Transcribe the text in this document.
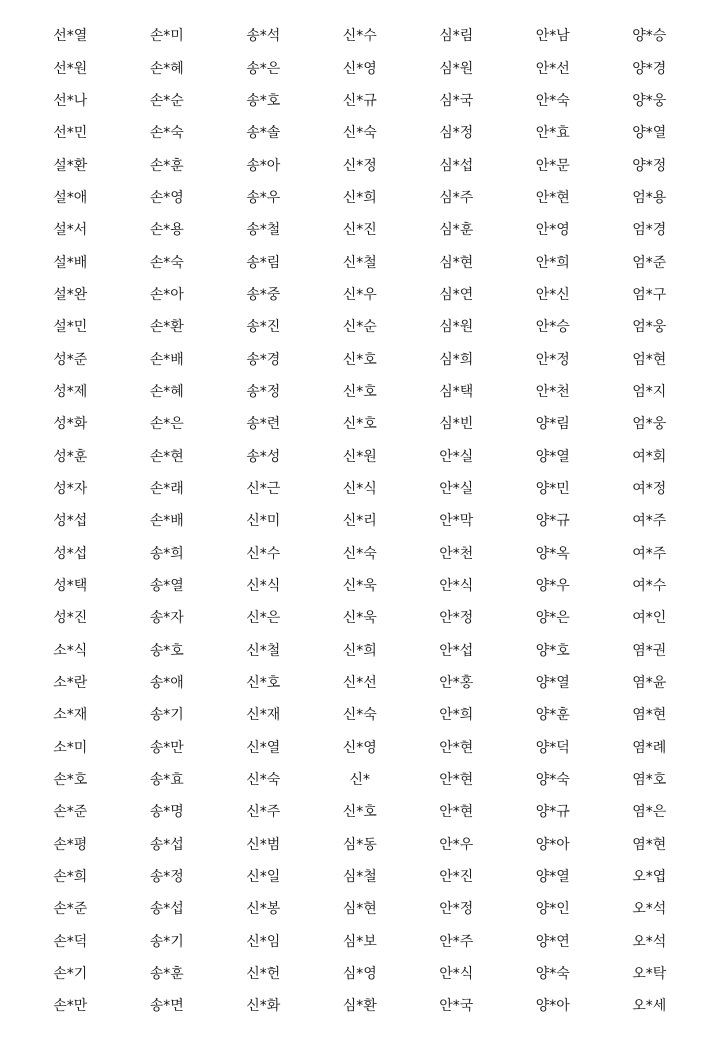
선*열	손*미	송*석	신*수	심*림	안*남	양*승
선*원	손*혜	송*은	신*영	심*원	안*선	양*경
선*나	손*순	송*호	신*규	심*국	안*숙	양*웅
선*민	손*숙	송*솔	신*숙	심*정	안*효	양*열
설*환	손*훈	송*아	신*정	심*섭	안*문	양*정
설*애	손*영	송*우	신*희	심*주	안*현	엄*용
설*서	손*용	송*철	신*진	심*훈	안*영	엄*경
설*배	손*숙	송*림	신*철	심*현	안*희	엄*준
설*완	손*아	송*중	신*우	심*연	안*신	엄*구
설*민	손*환	송*진	신*순	심*원	안*승	엄*웅
성*준	손*배	송*경	신*호	심*희	안*정	엄*현
성*제	손*혜	송*정	신*호	심*택	안*천	엄*지
성*화	손*은	송*련	신*호	심*빈	양*림	엄*웅
성*훈	손*현	송*성	신*원	안*실	양*열	여*회
성*자	손*래	신*근	신*식	안*실	양*민	여*정
성*섭	손*배	신*미	신*리	안*막	양*규	여*주
성*섭	송*희	신*수	신*숙	안*천	양*옥	여*주
성*택	송*열	신*식	신*욱	안*식	양*우	여*수
성*진	송*자	신*은	신*욱	안*정	양*은	여*인
소*식	송*호	신*철	신*희	안*섭	양*호	염*권
소*란	송*애	신*호	신*선	안*홍	양*열	염*윤
소*재	송*기	신*재	신*숙	안*희	양*훈	염*현
소*미	송*만	신*열	신*영	안*현	양*덕	염*례
손*호	송*효	신*숙	신*	안*현	양*숙	염*호
손*준	송*명	신*주	신*호	안*현	양*규	염*은
손*평	송*섭	신*범	심*동	안*우	양*아	염*현
손*희	송*정	신*일	심*철	안*진	양*열	오*엽
손*준	송*섭	신*봉	심*현	안*정	양*인	오*석
손*덕	송*기	신*임	심*보	안*주	양*연	오*석
손*기	송*훈	신*헌	심*영	안*식	양*숙	오*탁
손*만	송*면	신*화	심*환	안*국	양*아	오*세
